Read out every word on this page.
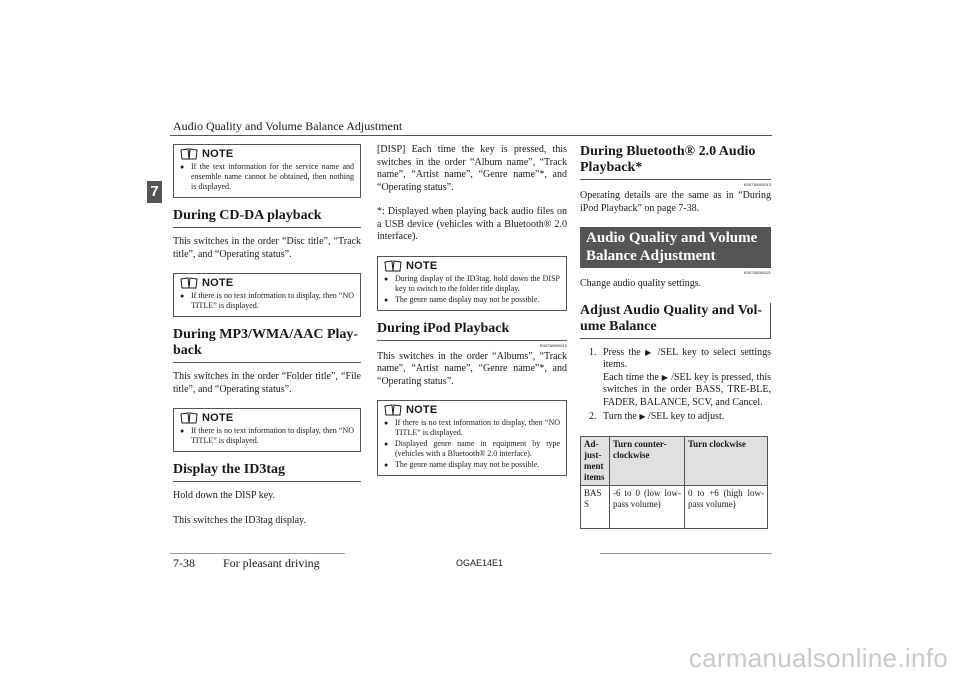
Audio Quality and Volume Balance Adjustment
7
NOTE
● If the text information for the service name and ensemble name cannot be obtained, then nothing is displayed.
During CD-DA playback

This switches in the order “Disc title”, “Track title”, and “Operating status”.

NOTE
● If there is no text information to display, then “NO TITLE” is displayed.
During MP3/WMA/AAC Play-back

This switches in the order “Folder title”, “File title”, and “Operating status”.

NOTE
● If there is no text information to display, then “NO TITLE” is displayed.
Display the ID3tag

Hold down the DISP key.

This switches the ID3tag display.

[DISP] Each time the key is pressed, this switches in the order “Album name”, “Track name”, “Artist name”, “Genre name”*, and “Operating status”.

*: Displayed when playing back audio files on a USB device (vehicles with a Bluetooth® 2.0 interface).

NOTE
● During display of the ID3tag, hold down the DISP key to switch to the folder title display.
● The genre name display may not be possible.
During iPod Playback
E00738900015

This switches in the order “Albums”, “Track name”, “Artist name”, “Genre name”*, and “Operating status”.

NOTE
● If there is no text information to display, then “NO TITLE” is displayed.
● Displayed genre name in equipment by type (vehicles with a Bluetooth® 2.0 interface).
● The genre name display may not be possible.
During Bluetooth® 2.0 Audio Playback*
E00739000013

Operating details are the same as in “During iPod Playback” on page 7-38.

Audio Quality and Volume Balance Adjustment
E00738200021

Change audio quality settings.

Adjust Audio Quality and Vol-ume Balance
1. Press the ▶ /SEL key to select settings items.
Each time the ▶ /SEL key is pressed, this switches in the order BASS, TRE-BLE, FADER, BALANCE, SCV, and Cancel.
2. Turn the ▶ /SEL key to adjust.
Ad-just-ment items	Turn counter-clockwise	Turn clockwise
BAS S	-6 to 0 (low low-pass volume)	0 to +6 (high low-pass volume)
7-38 For pleasant driving	OGAE14E1
carmanualsonline.info
